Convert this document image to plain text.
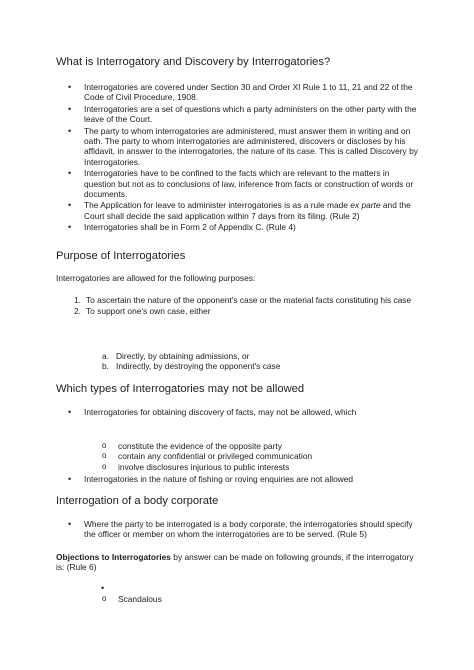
What is Interrogatory and Discovery by Interrogatories?
• Interrogatories are covered under Section 30 and Order XI Rule 1 to 11, 21 and 22 of the Code of Civil Procedure, 1908.
• Interrogatories are a set of questions which a party administers on the other party with the leave of the Court.
• The party to whom interrogatories are administered, must answer them in writing and on oath. The party to whom interrogatories are administered, discovers or discloses by his affidavit, in answer to the interrogatories, the nature of its case. This is called Discovery by Interrogatories.
• Interrogatories have to be confined to the facts which are relevant to the matters in question but not as to conclusions of law, inference from facts or construction of words or documents.
• The Application for leave to administer interrogatories is as a rule made ex parte and the Court shall decide the said application within 7 days from its filing. (Rule 2)
• Interrogatories shall be in Form 2 of Appendix C. (Rule 4)
Purpose of Interrogatories
Interrogatories are allowed for the following purposes:
1. To ascertain the nature of the opponent's case or the material facts constituting his case
2. To support one's own case, either
a. Directly, by obtaining admissions, or
b. Indirectly, by destroying the opponent's case
Which types of Interrogatories may not be allowed
• Interrogatories for obtaining discovery of facts, may not be allowed, which
o constitute the evidence of the opposite party
o contain any confidential or privileged communication
o involve disclosures injurious to public interests
• Interrogatories in the nature of fishing or roving enquiries are not allowed
Interrogation of a body corporate
• Where the party to be interrogated is a body corporate, the interrogatories should specify the officer or member on whom the interrogatories are to be served. (Rule 5)
Objections to Interrogatories by answer can be made on following grounds, if the interrogatory is: (Rule 6)
•
o Scandalous
